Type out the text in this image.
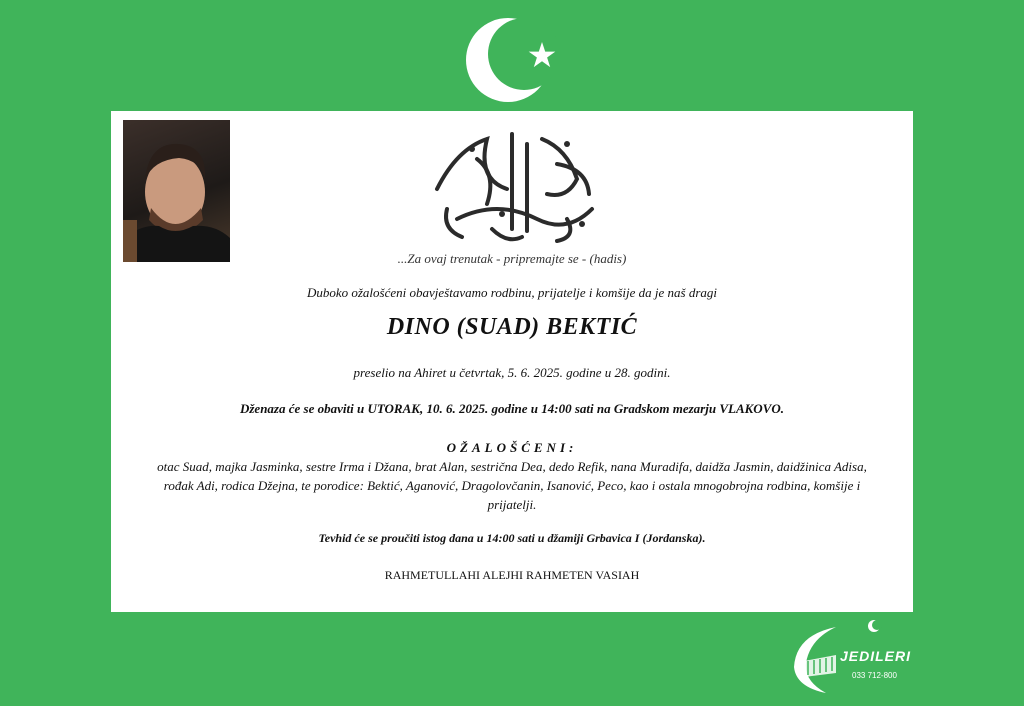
...Za ovaj trenutak - pripremajte se - (hadis)
Duboko ožalošćeni obavještavamo rodbinu, prijatelje i komšije da je naš dragi
DINO (SUAD) BEKTIĆ
preselio na Ahiret u četvrtak, 5. 6. 2025. godine u 28. godini.
Dženaza će se obaviti u UTORAK, 10. 6. 2025. godine u 14:00 sati na Gradskom mezarju VLAKOVO.
OŽALOŠĆENI:
otac Suad, majka Jasminka, sestre Irma i Džana, brat Alan, sestrična Dea, dedo Refik, nana Muradifa, daidža Jasmin, daidžinica Adisa, rođak Adi, rodica Džejna, te porodice: Bektić, Aganović, Dragolovčanin, Isanović, Peco, kao i ostala mnogobrojna rodbina, komšije i prijatelji.
Tevhid će se proučiti istog dana u 14:00 sati u džamiji Grbavica I (Jordanska).
RAHMETULLAHI ALEJHI RAHMETEN VASIAH
JEDILERI
033 712-800
